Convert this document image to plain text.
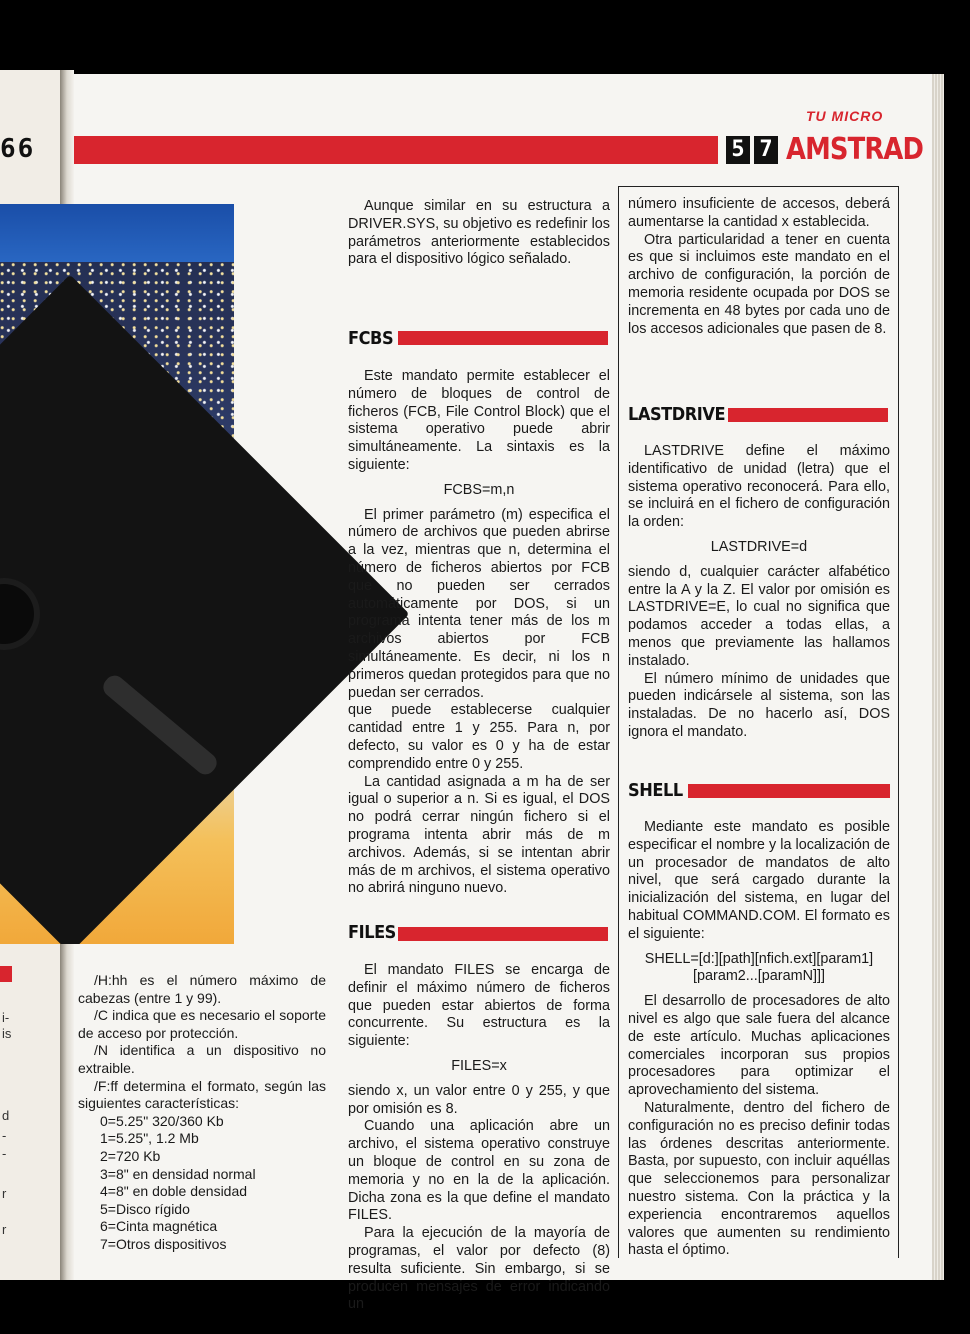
66
i-
is
d
-
-
r
r
TU MICRO
5 7 AMSTRAD

/H:hh es el número máximo de cabezas (entre 1 y 99).

/C indica que es necesario el soporte de acceso por protección.

/N identifica a un dispositivo no extraible.

/F:ff determina el formato, según las siguientes características:

0=5.25" 320/360 Kb

1=5.25", 1.2 Mb

2=720 Kb

3=8" en densidad normal

4=8" en doble densidad

5=Disco rígido

6=Cinta magnética

7=Otros dispositivos

Aunque similar en su estructura a DRIVER.SYS, su objetivo es redefinir los parámetros anteriormente establecidos para el dispositivo lógico señalado.

FCBS

Este mandato permite establecer el número de bloques de control de ficheros (FCB, File Control Block) que el sistema operativo puede abrir simultáneamente. La sintaxis es la siguiente:

FCBS=m,n

El primer parámetro (m) especifica el número de archivos que pueden abrirse a la vez, mientras que n, determina el número de ficheros abiertos por FCB que no pueden ser cerrados automáticamente por DOS, si un programa intenta tener más de los m archivos abiertos por FCB simultáneamente. Es decir, ni los n primeros quedan protegidos para que no puedan ser cerrados.

que puede establecerse cualquier cantidad entre 1 y 255. Para n, por defecto, su valor es 0 y ha de estar comprendido entre 0 y 255.

La cantidad asignada a m ha de ser igual o superior a n. Si es igual, el DOS no podrá cerrar ningún fichero si el programa intenta abrir más de m archivos. Además, si se intentan abrir más de m archivos, el sistema operativo no abrirá ninguno nuevo.

FILES

El mandato FILES se encarga de definir el máximo número de ficheros que pueden estar abiertos de forma concurrente. Su estructura es la siguiente:

FILES=x

siendo x, un valor entre 0 y 255, y que por omisión es 8.

Cuando una aplicación abre un archivo, el sistema operativo construye un bloque de control en su zona de memoria y no en la de la aplicación. Dicha zona es la que define el mandato FILES.

Para la ejecución de la mayoría de programas, el valor por defecto (8) resulta suficiente. Sin embargo, si se producen mensajes de error indicando un

número insuficiente de accesos, deberá aumentarse la cantidad x establecida.

Otra particularidad a tener en cuenta es que si incluimos este mandato en el archivo de configuración, la porción de memoria residente ocupada por DOS se incrementa en 48 bytes por cada uno de los accesos adicionales que pasen de 8.

LASTDRIVE

LASTDRIVE define el máximo identificativo de unidad (letra) que el sistema operativo reconocerá. Para ello, se incluirá en el fichero de configuración la orden:

LASTDRIVE=d

siendo d, cualquier carácter alfabético entre la A y la Z. El valor por omisión es LASTDRIVE=E, lo cual no significa que podamos acceder a todas ellas, a menos que previamente las hallamos instalado.

El número mínimo de unidades que pueden indicársele al sistema, son las instaladas. De no hacerlo así, DOS ignora el mandato.

SHELL

Mediante este mandato es posible especificar el nombre y la localización de un procesador de mandatos de alto nivel, que será cargado durante la inicialización del sistema, en lugar del habitual COMMAND.COM. El formato es el siguiente:

SHELL=[d:][path][nfich.ext][param1]

[param2...[paramN]]]

El desarrollo de procesadores de alto nivel es algo que sale fuera del alcance de este artículo. Muchas aplicaciones comerciales incorporan sus propios procesadores para optimizar el aprovechamiento del sistema.

Naturalmente, dentro del fichero de configuración no es preciso definir todas las órdenes descritas anteriormente. Basta, por supuesto, con incluir aquéllas que seleccionemos para personalizar nuestro sistema. Con la práctica y la experiencia encontraremos aquellos valores que aumenten su rendimiento hasta el óptimo.
